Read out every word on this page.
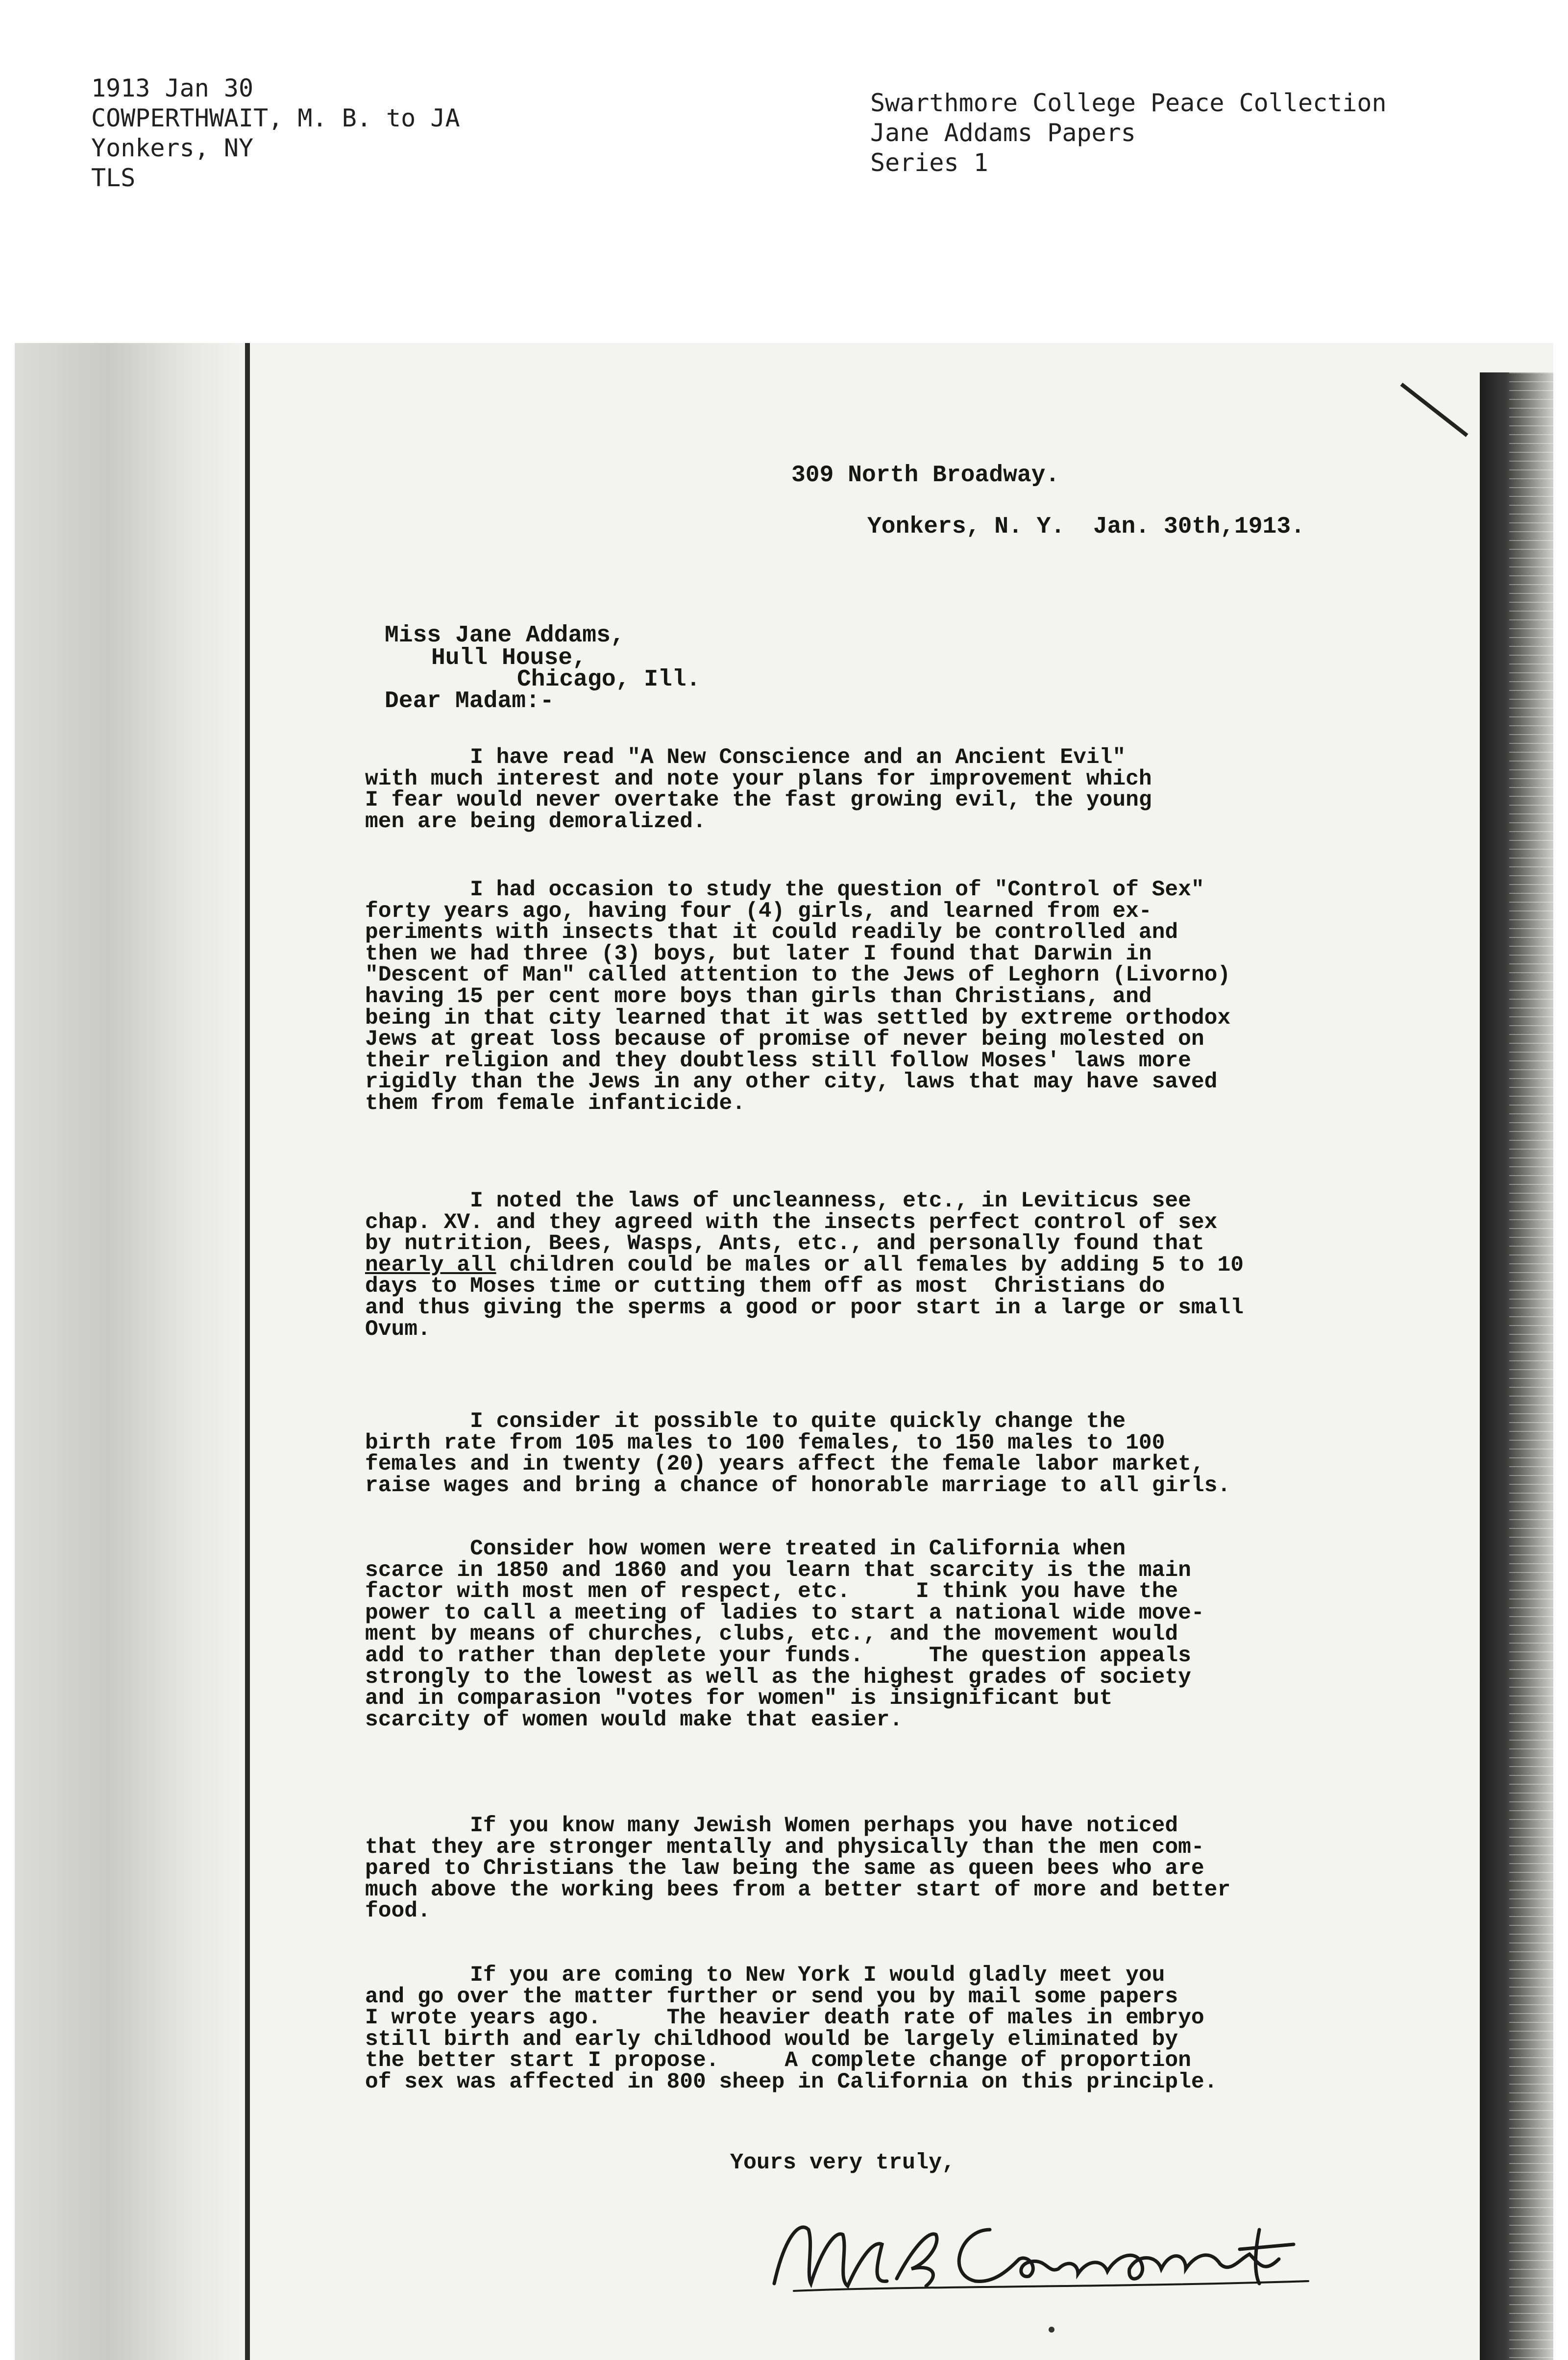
1913 Jan 30
COWPERTHWAIT, M. B. to JA
Yonkers, NY
TLS
Swarthmore College Peace Collection
Jane Addams Papers
Series 1
309 North Broadway.
Yonkers, N. Y.  Jan. 30th,1913.
Miss Jane Addams,
Hull House,
Chicago, Ill.
Dear Madam:-
I have read "A New Conscience and an Ancient Evil"
with much interest and note your plans for improvement which
I fear would never overtake the fast growing evil, the young
men are being demoralized.
I had occasion to study the question of "Control of Sex"
forty years ago, having four (4) girls, and learned from ex-
periments with insects that it could readily be controlled and
then we had three (3) boys, but later I found that Darwin in
"Descent of Man" called attention to the Jews of Leghorn (Livorno)
having 15 per cent more boys than girls than Christians, and
being in that city learned that it was settled by extreme orthodox
Jews at great loss because of promise of never being molested on
their religion and they doubtless still follow Moses' laws more
rigidly than the Jews in any other city, laws that may have saved
them from female infanticide.
I noted the laws of uncleanness, etc., in Leviticus see
chap. XV. and they agreed with the insects perfect control of sex
by nutrition, Bees, Wasps, Ants, etc., and personally found that
nearly all children could be males or all females by adding 5 to 10
days to Moses time or cutting them off as most  Christians do
and thus giving the sperms a good or poor start in a large or small
Ovum.
I consider it possible to quite quickly change the
birth rate from 105 males to 100 females, to 150 males to 100
females and in twenty (20) years affect the female labor market,
raise wages and bring a chance of honorable marriage to all girls.
Consider how women were treated in California when
scarce in 1850 and 1860 and you learn that scarcity is the main
factor with most men of respect, etc.     I think you have the
power to call a meeting of ladies to start a national wide move-
ment by means of churches, clubs, etc., and the movement would
add to rather than deplete your funds.     The question appeals
strongly to the lowest as well as the highest grades of society
and in comparasion "votes for women" is insignificant but
scarcity of women would make that easier.
If you know many Jewish Women perhaps you have noticed
that they are stronger mentally and physically than the men com-
pared to Christians the law being the same as queen bees who are
much above the working bees from a better start of more and better
food.
If you are coming to New York I would gladly meet you
and go over the matter further or send you by mail some papers
I wrote years ago.     The heavier death rate of males in embryo
still birth and early childhood would be largely eliminated by
the better start I propose.     A complete change of proportion
of sex was affected in 800 sheep in California on this principle.
Yours very truly,
